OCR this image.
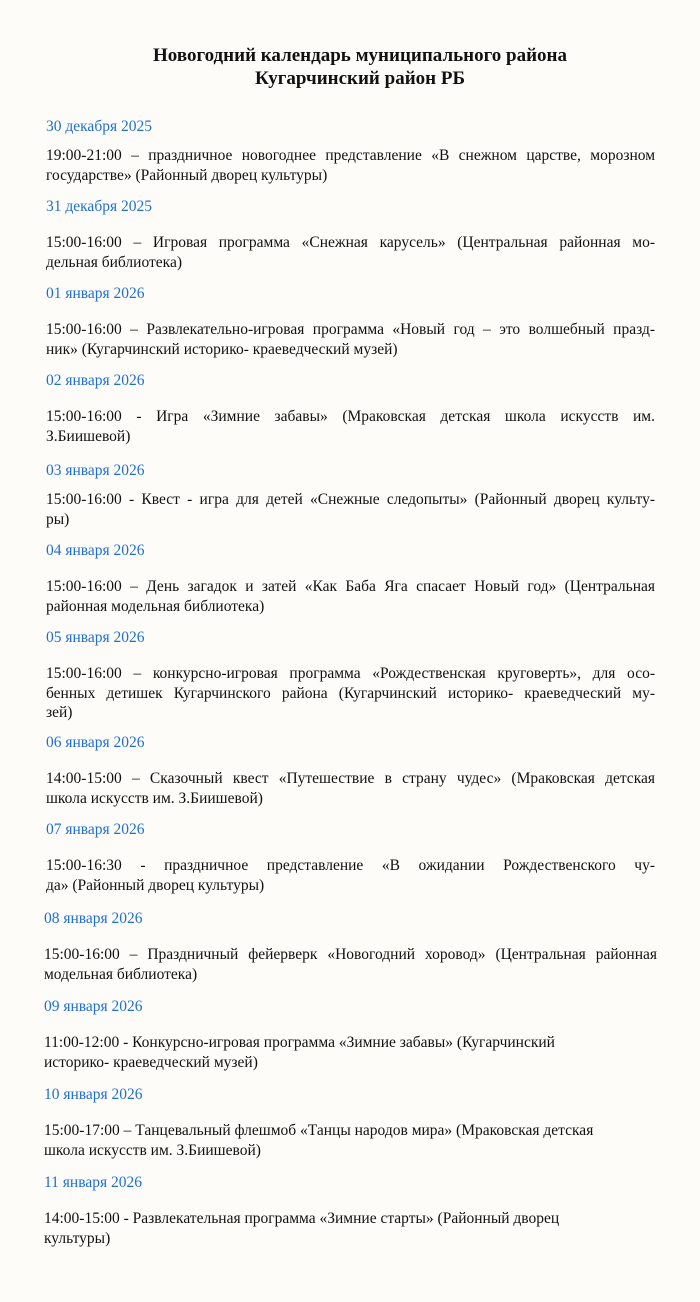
Новогодний календарь муниципального района
Кугарчинский район РБ
30 декабря 2025
19:00-21:00 – праздничное новогоднее представление «В снежном царстве, морозном
государстве» (Районный дворец культуры)
31 декабря 2025
15:00-16:00 – Игровая программа «Снежная карусель» (Центральная районная мо-
дельная библиотека)
01 января 2026
15:00-16:00 – Развлекательно-игровая программа «Новый год – это волшебный празд-
ник» (Кугарчинский историко- краеведческий музей)
02 января 2026
15:00-16:00 - Игра «Зимние забавы» (Мраковская детская школа искусств им.
З.Биишевой)
03 января 2026
15:00-16:00 - Квест - игра для детей «Снежные следопыты» (Районный дворец культу-
ры)
04 января 2026
15:00-16:00 – День загадок и затей «Как Баба Яга спасает Новый год» (Центральная
районная модельная библиотека)
05 января 2026
15:00-16:00 – конкурсно-игровая программа «Рождественская круговерть», для осо-
бенных детишек Кугарчинского района (Кугарчинский историко- краеведческий му-
зей)
06 января 2026
14:00-15:00 – Сказочный квест «Путешествие в страну чудес» (Мраковская детская
школа искусств им. З.Биишевой)
07 января 2026
15:00-16:30 - праздничное представление «В ожидании Рождественского чу-
да» (Районный дворец культуры)
08 января 2026
15:00-16:00 – Праздничный фейерверк «Новогодний хоровод» (Центральная районная
модельная библиотека)
09 января 2026
11:00-12:00 - Конкурсно-игровая программа «Зимние забавы» (Кугарчинский
историко- краеведческий музей)
10 января 2026
15:00-17:00 – Танцевальный флешмоб «Танцы народов мира» (Мраковская детская
школа искусств им. З.Биишевой)
11 января 2026
14:00-15:00 - Развлекательная программа «Зимние старты» (Районный дворец
культуры)
